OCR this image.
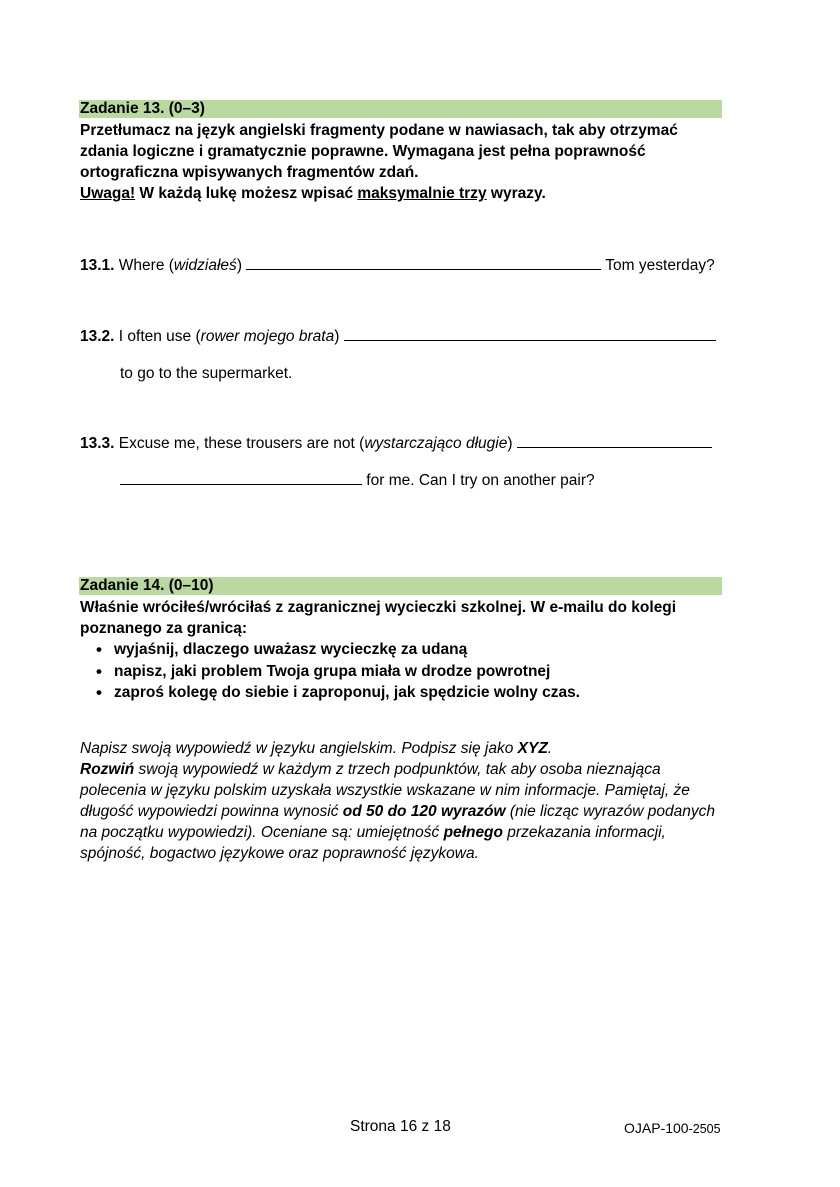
Zadanie 13. (0–3)
Przetłumacz na język angielski fragmenty podane w nawiasach, tak aby otrzymać
zdania logiczne i gramatycznie poprawne. Wymagana jest pełna poprawność
ortograficzna wpisywanych fragmentów zdań.
Uwaga! W każdą lukę możesz wpisać maksymalnie trzy wyrazy.
13.1. Where (widziałeś)	Tom yesterday?
13.2. I often use (rower mojego brata)
to go to the supermarket.
13.3. Excuse me, these trousers are not (wystarczająco długie)
for me. Can I try on another pair?
Zadanie 14. (0–10)
Właśnie wróciłeś/wróciłaś z zagranicznej wycieczki szkolnej. W e-mailu do kolegi
poznanego za granicą:
• wyjaśnij, dlaczego uważasz wycieczkę za udaną
• napisz, jaki problem Twoja grupa miała w drodze powrotnej
• zaproś kolegę do siebie i zaproponuj, jak spędzicie wolny czas.
Napisz swoją wypowiedź w języku angielskim. Podpisz się jako XYZ.
Rozwiń swoją wypowiedź w każdym z trzech podpunktów, tak aby osoba nieznająca
polecenia w języku polskim uzyskała wszystkie wskazane w nim informacje. Pamiętaj, że
długość wypowiedzi powinna wynosić od 50 do 120 wyrazów (nie licząc wyrazów podanych
na początku wypowiedzi). Oceniane są: umiejętność pełnego przekazania informacji,
spójność, bogactwo językowe oraz poprawność językowa.
Strona 16 z 18	OJAP-100-2505
